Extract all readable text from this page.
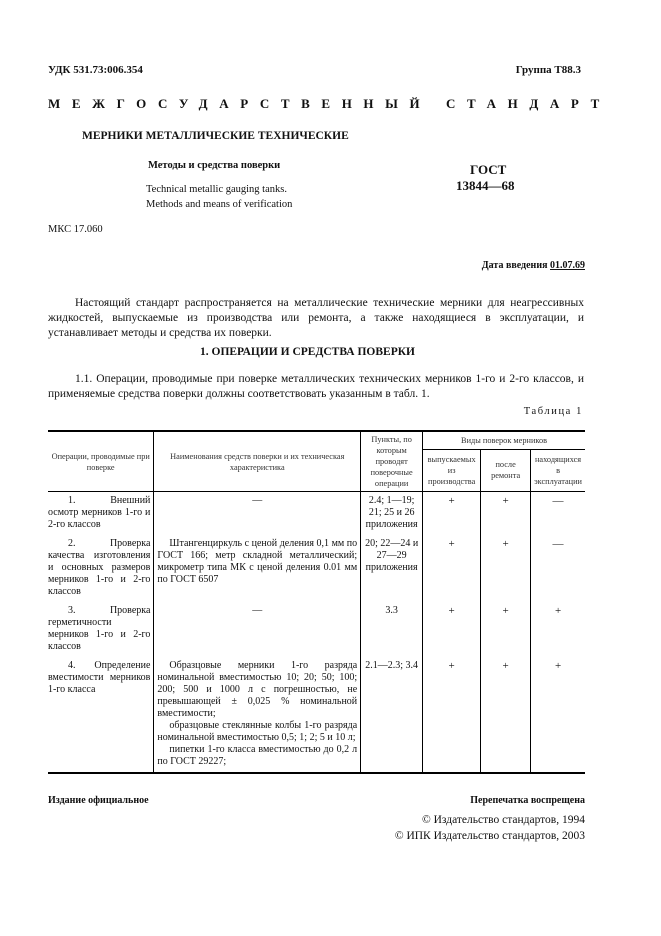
УДК 531.73:006.354	Группа Т88.3
МЕЖГОСУДАРСТВЕННЫЙ СТАНДАРТ
МЕРНИКИ МЕТАЛЛИЧЕСКИЕ ТЕХНИЧЕСКИЕ
Методы и средства поверки
Technical metallic gauging tanks.
Methods and means of verification
ГОСТ
13844—68
МКС 17.060
Дата введения 01.07.69
Настоящий стандарт распространяется на металлические технические мерники для неагрессивных жидкостей, выпускаемые из производства или ремонта, а также находящиеся в эксплуатации, и устанавливает методы и средства их поверки.
1. ОПЕРАЦИИ И СРЕДСТВА ПОВЕРКИ
1.1. Операции, проводимые при поверке металлических технических мерников 1-го и 2-го классов, и применяемые средства поверки должны соответствовать указанным в табл. 1.
Таблица 1
Операции, проводимые при поверке	Наименования средств поверки и их техническая характеристика	Пункты, по которым проводят поверочные операции	Виды поверок мерников		
			выпускаемых из производства	после ремонта	находящихся в эксплуатации
1. Внешний осмотр мерников 1-го и 2-го классов	—	2.4; 1—19; 21; 25 и 26 приложения	+	+	—
2. Проверка качества изготовления и основных размеров мерников 1-го и 2-го классов	Штангенциркуль с ценой деления 0,1 мм по ГОСТ 166; метр складной металлический; микрометр типа МК с ценой деления 0.01 мм по ГОСТ 6507	20; 22—24 и 27—29 приложения	+	+	—
3. Проверка герметичности мерников 1-го и 2-го классов	—	3.3	+	+	+
4. Определение вместимости мерников 1-го класса	Образцовые мерники 1-го разряда номинальной вместимостью 10; 20; 50; 100; 200; 500 и 1000 л с погрешностью, не превышающей ± 0,025 % номинальной вместимости;
образцовые стеклянные колбы 1-го разряда номинальной вместимостью 0,5; 1; 2; 5 и 10 л;
пипетки 1-го класса вместимостью до 0,2 л по ГОСТ 29227;	2.1—2.3; 3.4	+	+	+
Издание официальное	Перепечатка воспрещена
© Издательство стандартов, 1994
© ИПК Издательство стандартов, 2003
